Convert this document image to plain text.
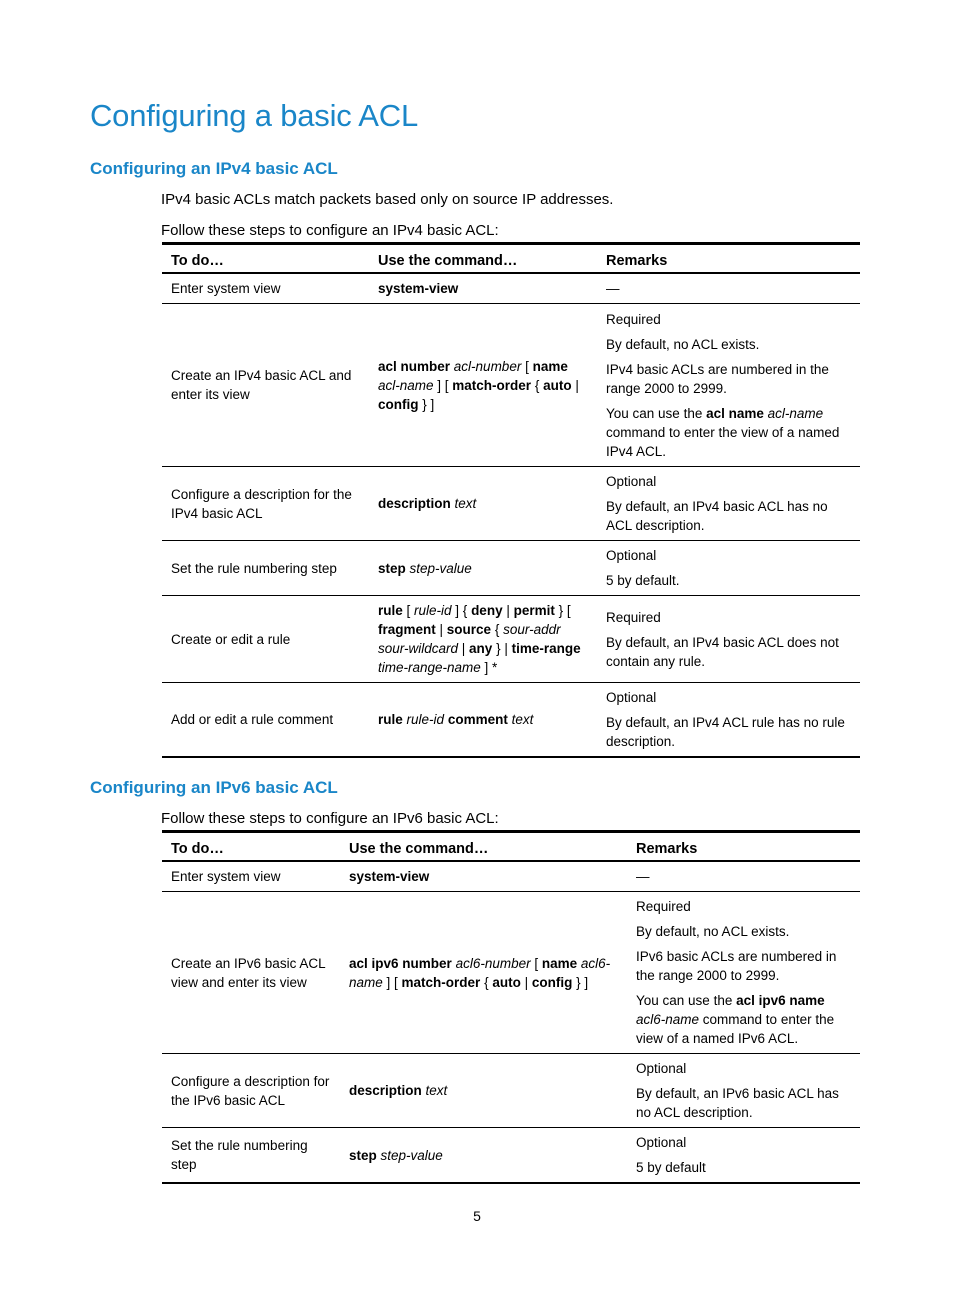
Configuring a basic ACL
Configuring an IPv4 basic ACL

IPv4 basic ACLs match packets based only on source IP addresses.

Follow these steps to configure an IPv4 basic ACL:

To do…	Use the command…	Remarks
Enter system view	system-view	—

Create an IPv4 basic ACL and enter its view	acl number acl-number [ name acl-name ] [ match-order { auto | config } ]	Required
By default, no ACL exists.
IPv4 basic ACLs are numbered in the range 2000 to 2999.
You can use the acl name acl-name command to enter the view of a named IPv4 ACL.

Configure a description for the IPv4 basic ACL	description text	Optional
By default, an IPv4 basic ACL has no ACL description.

Set the rule numbering step	step step-value	Optional
5 by default.

Create or edit a rule	rule [ rule-id ] { deny | permit } [ fragment | source { sour-addr sour-wildcard | any } | time-range time-range-name ] *	Required
By default, an IPv4 basic ACL does not contain any rule.

Add or edit a rule comment	rule rule-id comment text	Optional
By default, an IPv4 ACL rule has no rule description.
Configuring an IPv6 basic ACL

Follow these steps to configure an IPv6 basic ACL:

To do…	Use the command…	Remarks
Enter system view	system-view	—

Create an IPv6 basic ACL view and enter its view	acl ipv6 number acl6-number [ name acl6-name ] [ match-order { auto | config } ]	Required
By default, no ACL exists.
IPv6 basic ACLs are numbered in the range 2000 to 2999.
You can use the acl ipv6 name acl6-name command to enter the view of a named IPv6 ACL.

Configure a description for the IPv6 basic ACL	description text	Optional
By default, an IPv6 basic ACL has no ACL description.

Set the rule numbering step	step step-value	Optional
5 by default
5
